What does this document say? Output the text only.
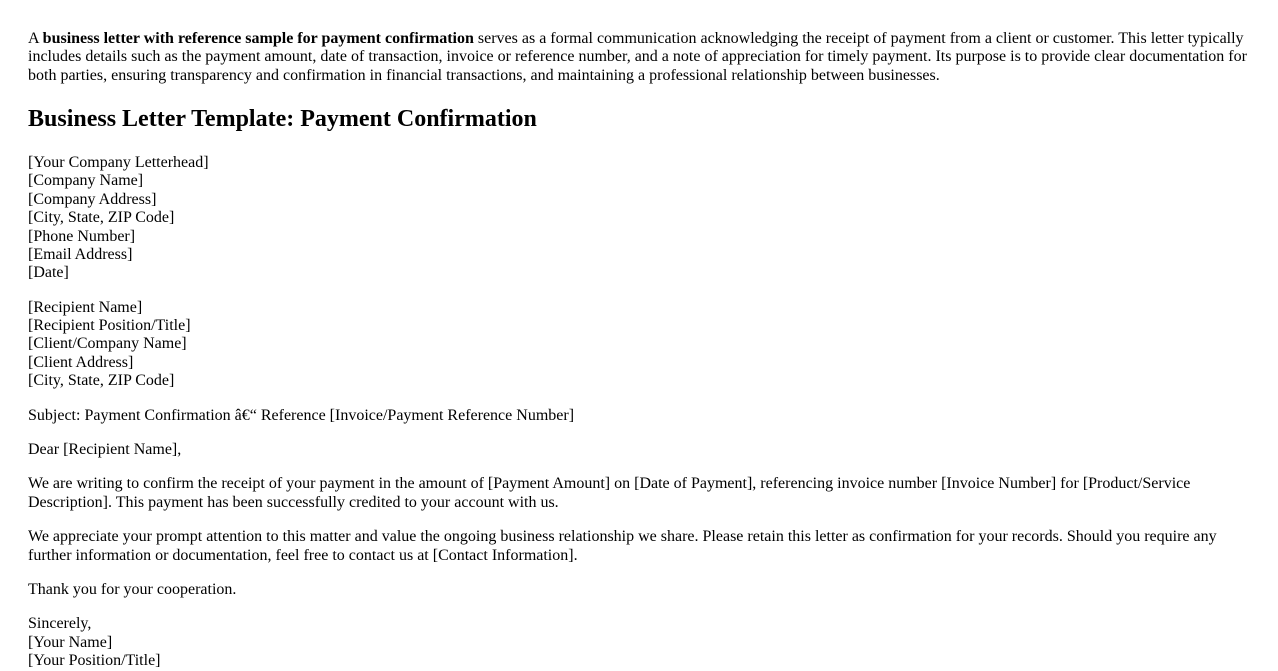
A business letter with reference sample for payment confirmation serves as a formal communication acknowledging the receipt of payment from a client or customer. This letter typically includes details such as the payment amount, date of transaction, invoice or reference number, and a note of appreciation for timely payment. Its purpose is to provide clear documentation for both parties, ensuring transparency and confirmation in financial transactions, and maintaining a professional relationship between businesses.

Business Letter Template: Payment Confirmation

[Your Company Letterhead]
[Company Name]
[Company Address]
[City, State, ZIP Code]
[Phone Number]
[Email Address]
[Date]

[Recipient Name]
[Recipient Position/Title]
[Client/Company Name]
[Client Address]
[City, State, ZIP Code]

Subject: Payment Confirmation â€“ Reference [Invoice/Payment Reference Number]

Dear [Recipient Name],

We are writing to confirm the receipt of your payment in the amount of [Payment Amount] on [Date of Payment], referencing invoice number [Invoice Number] for [Product/Service Description]. This payment has been successfully credited to your account with us.

We appreciate your prompt attention to this matter and value the ongoing business relationship we share. Please retain this letter as confirmation for your records. Should you require any further information or documentation, feel free to contact us at [Contact Information].

Thank you for your cooperation.

Sincerely,
[Your Name]
[Your Position/Title]
